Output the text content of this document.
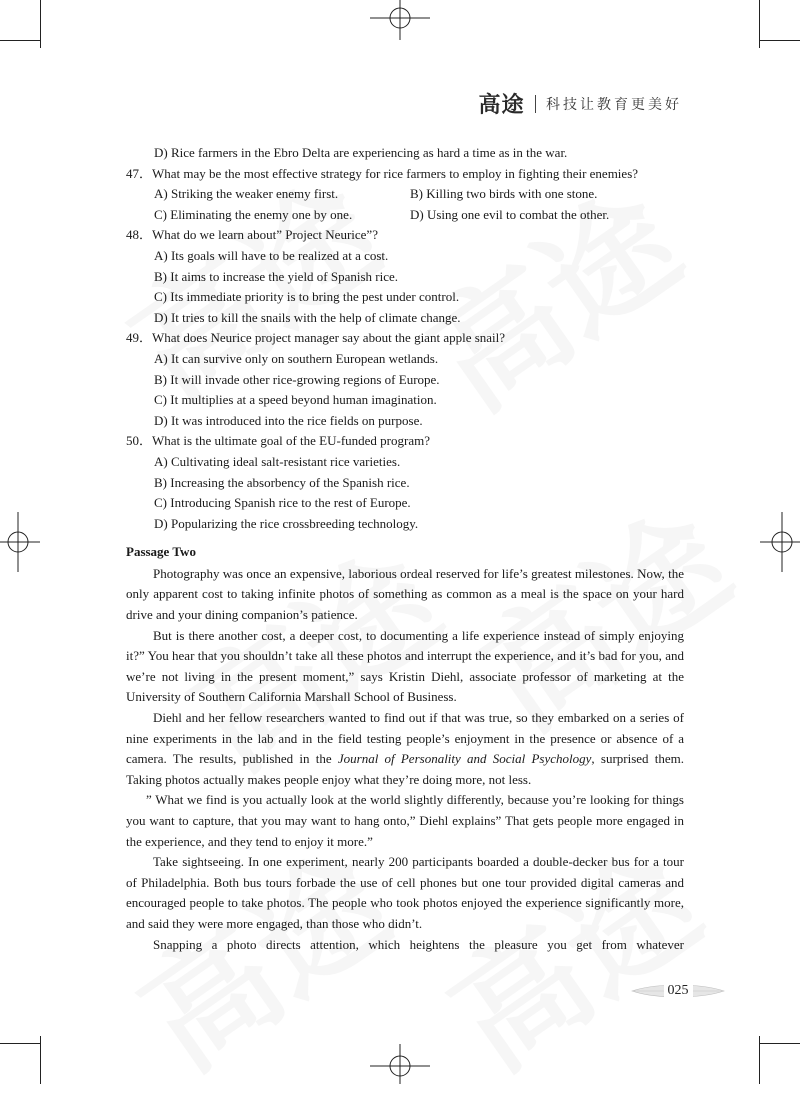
高途 科技让教育更美好
D) Rice farmers in the Ebro Delta are experiencing as hard a time as in the war.
47．What may be the most effective strategy for rice farmers to employ in fighting their enemies?
A) Striking the weaker enemy first.	B) Killing two birds with one stone.
C) Eliminating the enemy one by one.	D) Using one evil to combat the other.
48．What do we learn about” Project Neurice”?
A) Its goals will have to be realized at a cost.
B) It aims to increase the yield of Spanish rice.
C) Its immediate priority is to bring the pest under control.
D) It tries to kill the snails with the help of climate change.
49．What does Neurice project manager say about the giant apple snail?
A) It can survive only on southern European wetlands.
B) It will invade other rice-growing regions of Europe.
C) It multiplies at a speed beyond human imagination.
D) It was introduced into the rice fields on purpose.
50．What is the ultimate goal of the EU-funded program?
A) Cultivating ideal salt-resistant rice varieties.
B) Increasing the absorbency of the Spanish rice.
C) Introducing Spanish rice to the rest of Europe.
D) Popularizing the rice crossbreeding technology.
Passage Two

Photography was once an expensive, laborious ordeal reserved for life’s greatest milestones. Now, the only apparent cost to taking infinite photos of something as common as a meal is the space on your hard drive and your dining companion’s patience.

But is there another cost, a deeper cost, to documenting a life experience instead of simply enjoying it?” You hear that you shouldn’t take all these photos and interrupt the experience, and it’s bad for you, and we’re not living in the present moment,” says Kristin Diehl, associate professor of marketing at the University of Southern California Marshall School of Business.

Diehl and her fellow researchers wanted to find out if that was true, so they embarked on a series of nine experiments in the lab and in the field testing people’s enjoyment in the presence or absence of a camera. The results, published in the Journal of Personality and Social Psychology, surprised them. Taking photos actually makes people enjoy what they’re doing more, not less.

” What we find is you actually look at the world slightly differently, because you’re looking for things you want to capture, that you may want to hang onto,” Diehl explains” That gets people more engaged in the experience, and they tend to enjoy it more.”

Take sightseeing. In one experiment, nearly 200 participants boarded a double-decker bus for a tour of Philadelphia. Both bus tours forbade the use of cell phones but one tour provided digital cameras and encouraged people to take photos. The people who took photos enjoyed the experience significantly more, and said they were more engaged, than those who didn’t.

Snapping a photo directs attention, which heightens the pleasure you get from whatever

025
